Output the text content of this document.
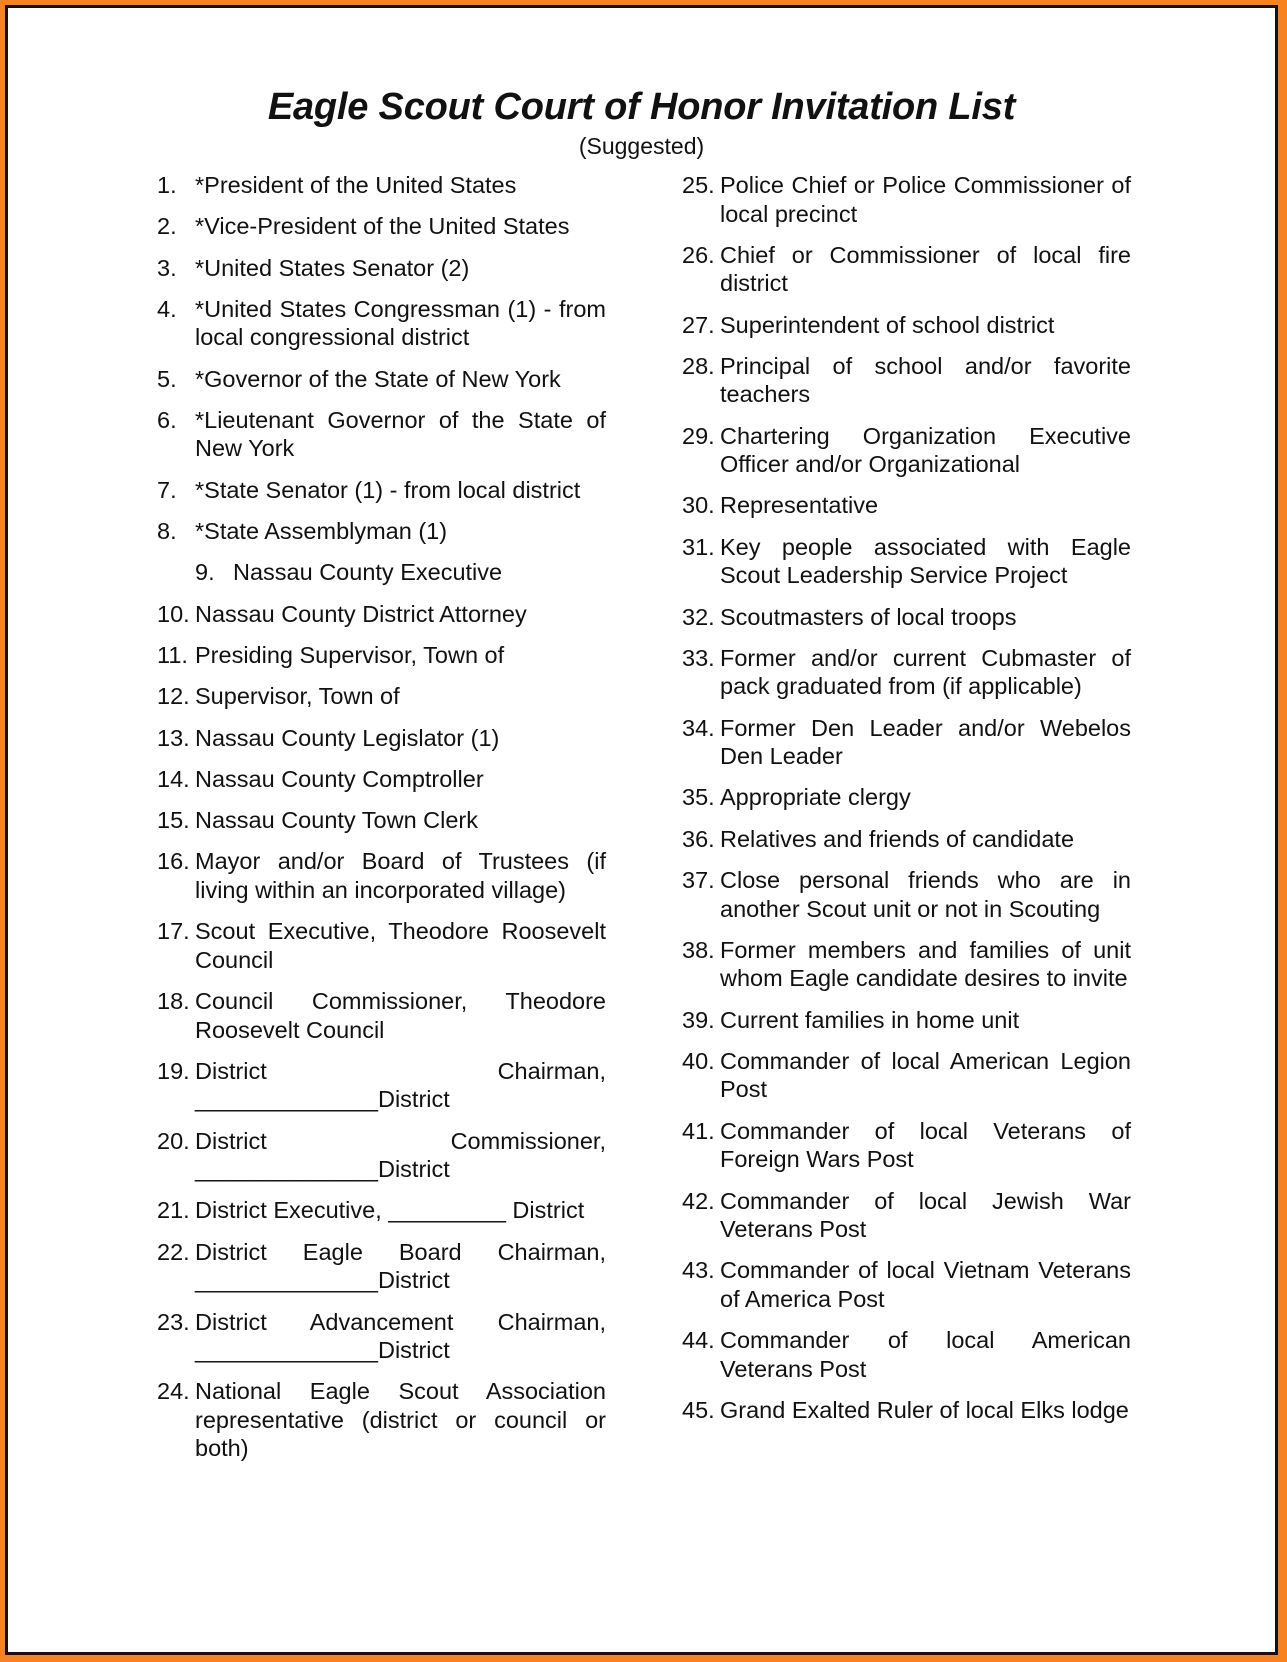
Eagle Scout Court of Honor Invitation List
(Suggested)
1. *President of the United States
2. *Vice-President of the United States
3. *United States Senator (2)
4. *United States Congressman (1) - from local congressional district
5. *Governor of the State of New York
6. *Lieutenant Governor of the State of New York
7. *State Senator (1) - from local district
8. *State Assemblyman (1)
9. Nassau County Executive
10. Nassau County District Attorney
11. Presiding Supervisor, Town of
12. Supervisor, Town of
13. Nassau County Legislator (1)
14. Nassau County Comptroller
15. Nassau County Town Clerk
16. Mayor and/or Board of Trustees (if living within an incorporated village)
17. Scout Executive, Theodore Roosevelt Council
18. Council Commissioner, Theodore Roosevelt Council
19. District Chairman, ______________District
20. District Commissioner, ______________District
21. District Executive, _________ District
22. District Eagle Board Chairman, ______________District
23. District Advancement Chairman, ______________District
24. National Eagle Scout Association representative (district or council or both)
25. Police Chief or Police Commissioner of local precinct
26. Chief or Commissioner of local fire district
27. Superintendent of school district
28. Principal of school and/or favorite teachers
29. Chartering Organization Executive Officer and/or Organizational
30. Representative
31. Key people associated with Eagle Scout Leadership Service Project
32. Scoutmasters of local troops
33. Former and/or current Cubmaster of pack graduated from (if applicable)
34. Former Den Leader and/or Webelos Den Leader
35. Appropriate clergy
36. Relatives and friends of candidate
37. Close personal friends who are in another Scout unit or not in Scouting
38. Former members and families of unit whom Eagle candidate desires to invite
39. Current families in home unit
40. Commander of local American Legion Post
41. Commander of local Veterans of Foreign Wars Post
42. Commander of local Jewish War Veterans Post
43. Commander of local Vietnam Veterans of America Post
44. Commander of local American Veterans Post
45. Grand Exalted Ruler of local Elks lodge
